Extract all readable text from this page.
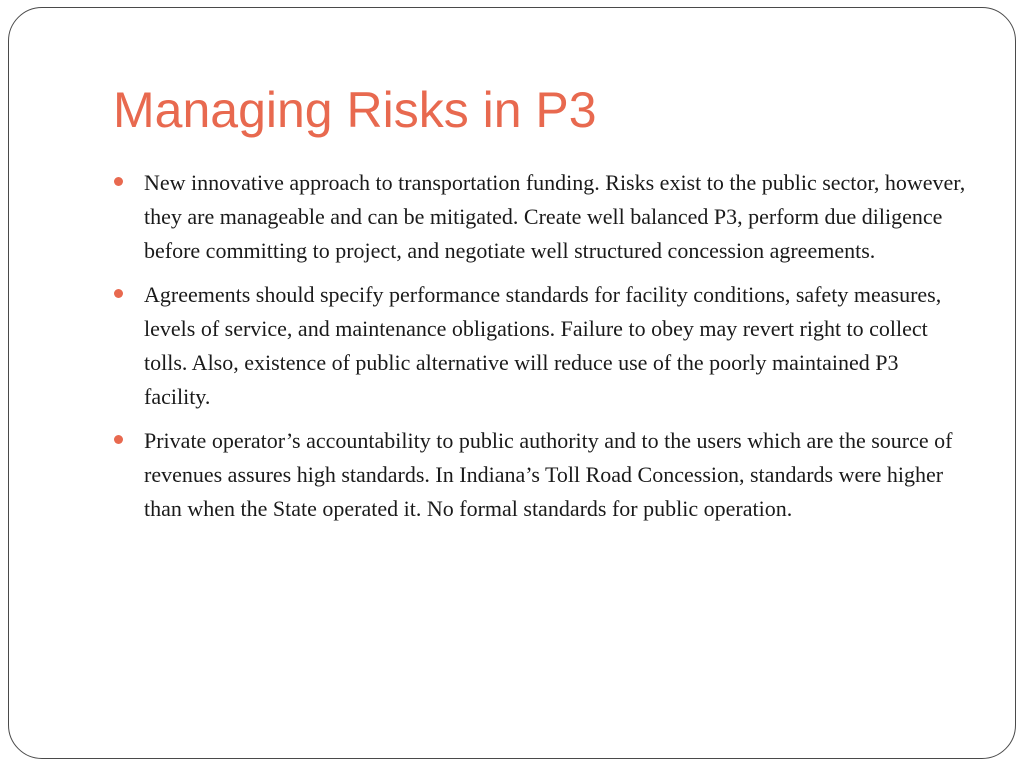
Managing Risks in P3
New innovative approach to transportation funding. Risks exist to the public sector, however, they are manageable and can be mitigated. Create well balanced P3, perform due diligence before committing to project, and negotiate well structured concession agreements.
Agreements should specify performance standards for facility conditions, safety measures, levels of service, and maintenance obligations. Failure to obey may revert right to collect tolls. Also, existence of public alternative will reduce use of the poorly maintained P3 facility.
Private operator’s accountability to public authority and to the users which are the source of revenues assures high standards. In Indiana’s Toll Road Concession, standards were higher than when the State operated it. No formal standards for public operation.
